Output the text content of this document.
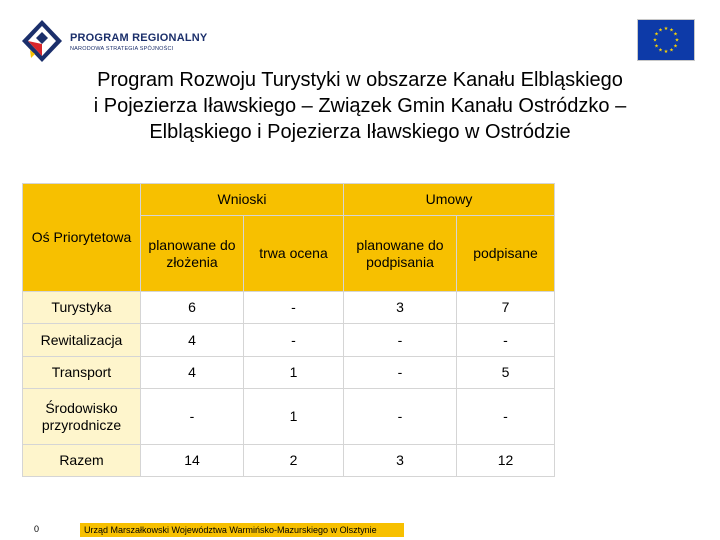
PROGRAM REGIONALNY
NARODOWA STRATEGIA SPÓJNOŚCI
★ ★
★
★
★
★
★
★
★
★
★
★
Program Rozwoju Turystyki w obszarze Kanału Elbląskiego
i Pojezierza Iławskiego – Związek Gmin Kanału Ostródzko –
Elbląskiego i Pojezierza Iławskiego w Ostródzie
Oś Priorytetowa	Wnioski		Umowy	
	planowane do złożenia	trwa ocena	planowane do podpisania	podpisane
Turystyka	6	-	3	7
Rewitalizacja	4	-	-	-
Transport	4	1	-	5
Środowisko przyrodnicze	-	1	-	-
Razem	14	2	3	12
0	Urząd Marszałkowski Województwa Warmińsko-Mazurskiego w Olsztynie
